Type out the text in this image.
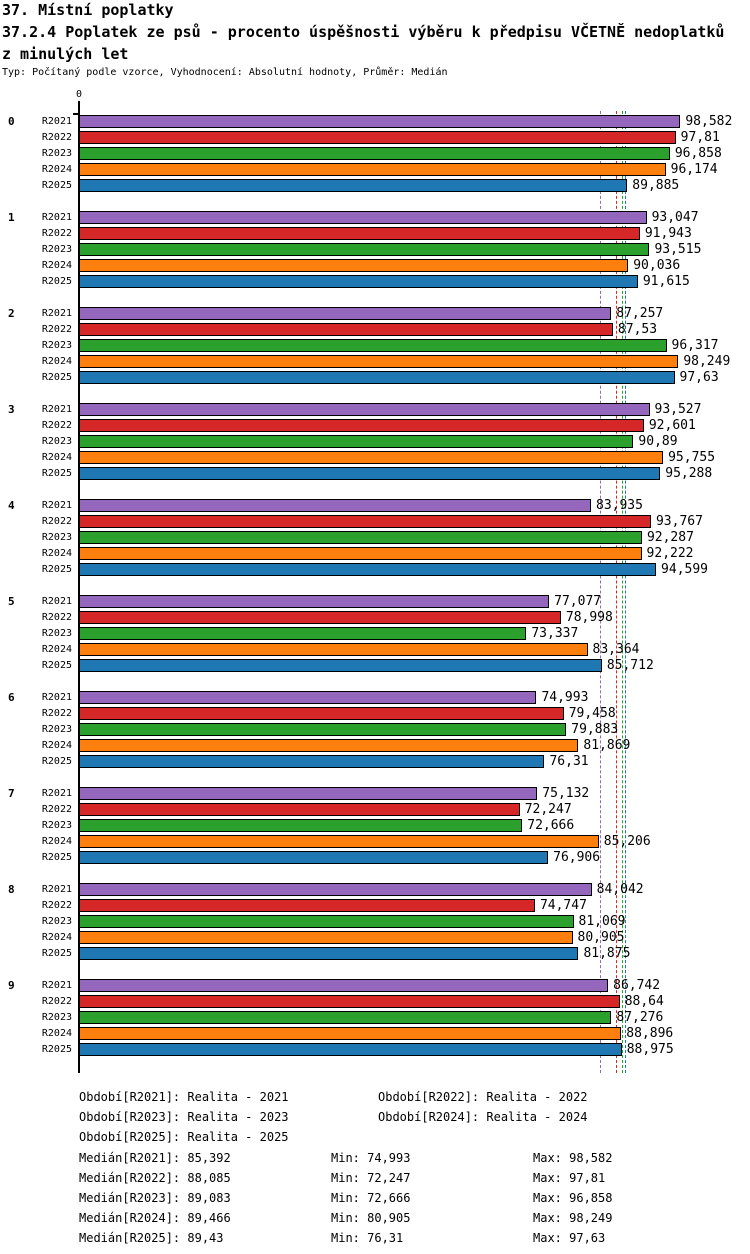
37. Místní poplatky
37.2.4 Poplatek ze psů - procento úspěšnosti výběru k předpisu VČETNĚ nedoplatků
z minulých let
Typ: Počítaný podle vzorce, Vyhodnocení: Absolutní hodnoty, Průměr: Medián
0
0	R2021	98,582
R2022	97,81
R2023	96,858
R2024	96,174
R2025	89,885
1	R2021	93,047
R2022	91,943
R2023	93,515
R2024	90,036
R2025	91,615
2	R2021	87,257
R2022	87,53
R2023	96,317
R2024	98,249
R2025	97,63
3	R2021	93,527
R2022	92,601
R2023	90,89
R2024	95,755
R2025	95,288
4	R2021	83,935
R2022	93,767
R2023	92,287
R2024	92,222
R2025	94,599
5	R2021	77,077
R2022	78,998
R2023	73,337
R2024	83,364
R2025	85,712
6	R2021	74,993
R2022	79,458
R2023	79,883
R2024	81,869
R2025	76,31
7	R2021	75,132
R2022	72,247
R2023	72,666
R2024	85,206
R2025	76,906
8	R2021	84,042
R2022	74,747
R2023	81,069
R2024	80,905
R2025	81,875
9	R2021	86,742
R2022	88,64
R2023	87,276
R2024	88,896
R2025	88,975
Období[R2021]: Realita - 2021	Období[R2022]: Realita - 2022
Období[R2023]: Realita - 2023	Období[R2024]: Realita - 2024
Období[R2025]: Realita - 2025
Medián[R2021]: 85,392	Min: 74,993	Max: 98,582
Medián[R2022]: 88,085	Min: 72,247	Max: 97,81
Medián[R2023]: 89,083	Min: 72,666	Max: 96,858
Medián[R2024]: 89,466	Min: 80,905	Max: 98,249
Medián[R2025]: 89,43	Min: 76,31	Max: 97,63
